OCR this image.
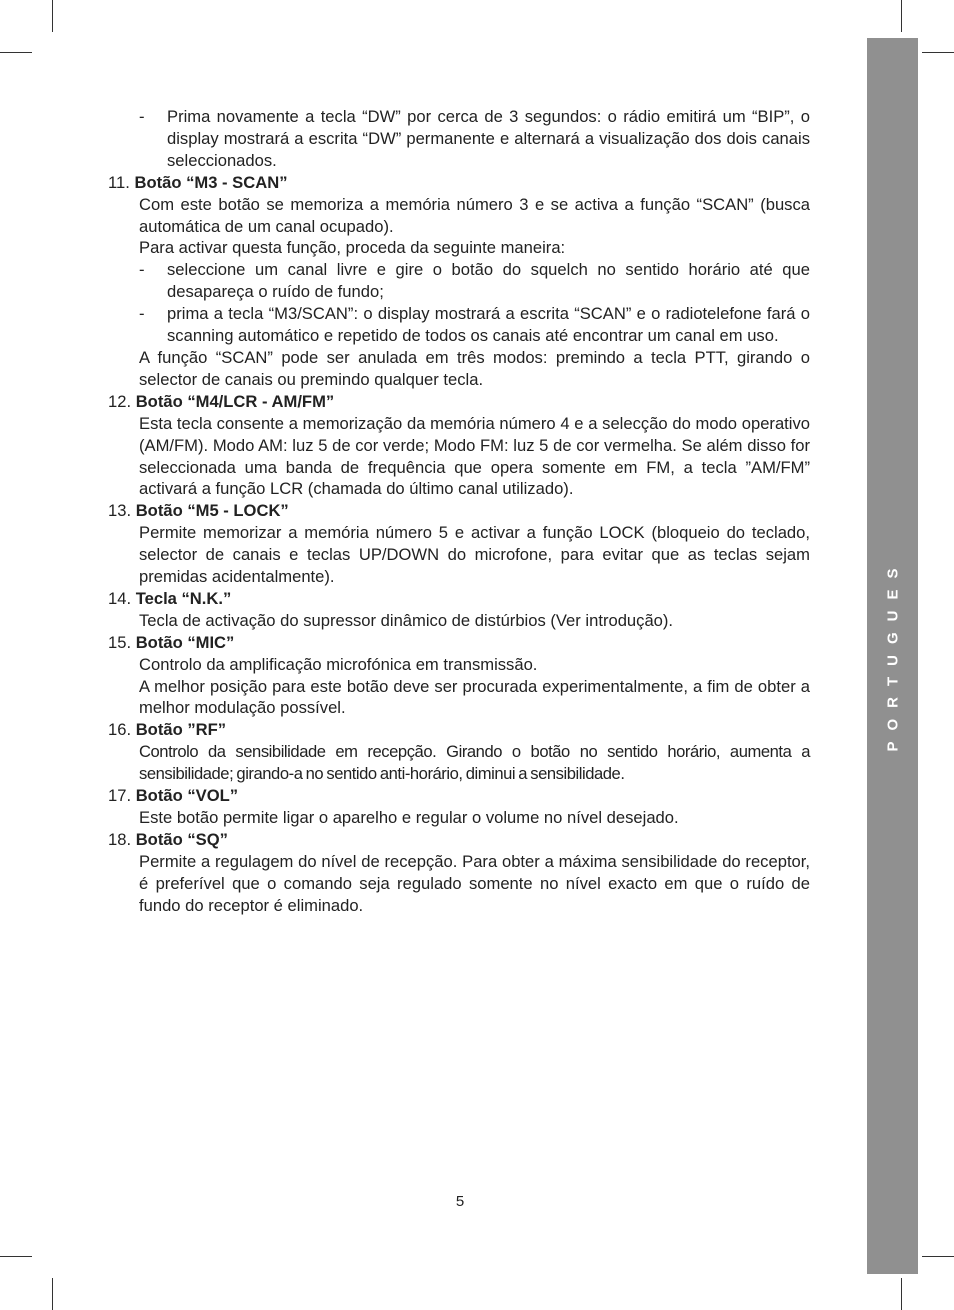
PORTUGUES
- Prima novamente a tecla “DW” por cerca de 3 segundos: o rádio emitirá um “BIP”, o display mostrará a escrita “DW” permanente e alternará a visualização dos dois canais seleccionados.
11. Botão “M3 - SCAN”

Com este botão se memoriza a memória número 3 e se activa a função “SCAN” (busca automática de um canal ocupado).

Para activar questa função, proceda da seguinte maneira:

- seleccione um canal livre e gire o botão do squelch no sentido horário até que desapareça o ruído de fundo;
- prima a tecla “M3/SCAN”: o display mostrará a escrita “SCAN” e o radiotelefone fará o scanning automático e repetido de todos os canais até encontrar um canal em uso.

A função “SCAN” pode ser anulada em três modos: premindo a tecla PTT, girando o selector de canais ou premindo qualquer tecla.

12. Botão “M4/LCR - AM/FM”

Esta tecla consente a memorização da memória número 4 e a selecção do modo operativo (AM/FM). Modo AM: luz 5 de cor verde; Modo FM: luz 5 de cor vermelha. Se além disso for seleccionada uma banda de frequência que opera somente em FM, a tecla ”AM/FM” activará a função LCR (chamada do último canal utilizado).

13. Botão “M5 - LOCK”

Permite memorizar a memória número 5 e activar a função LOCK (bloqueio do teclado, selector de canais e teclas UP/DOWN do microfone, para evitar que as teclas sejam premidas acidentalmente).

14. Tecla “N.K.”

Tecla de activação do supressor dinâmico de distúrbios (Ver introdução).

15. Botão “MIC”

Controlo da amplificação microfónica em transmissão.

A melhor posição para este botão deve ser procurada experimentalmente, a fim de obter a melhor modulação possível.

16. Botão ”RF”

Controlo da sensibilidade em recepção. Girando o botão no sentido horário, aumenta a sensibilidade; girando-a no sentido anti-horário, diminui a sensibilidade.

17. Botão “VOL”

Este botão permite ligar o aparelho e regular o volume no nível desejado.

18. Botão “SQ”

Permite a regulagem do nível de recepção. Para obter a máxima sensibilidade do receptor, é preferível que o comando seja regulado somente no nível exacto em que o ruído de fundo do receptor é eliminado.

5
